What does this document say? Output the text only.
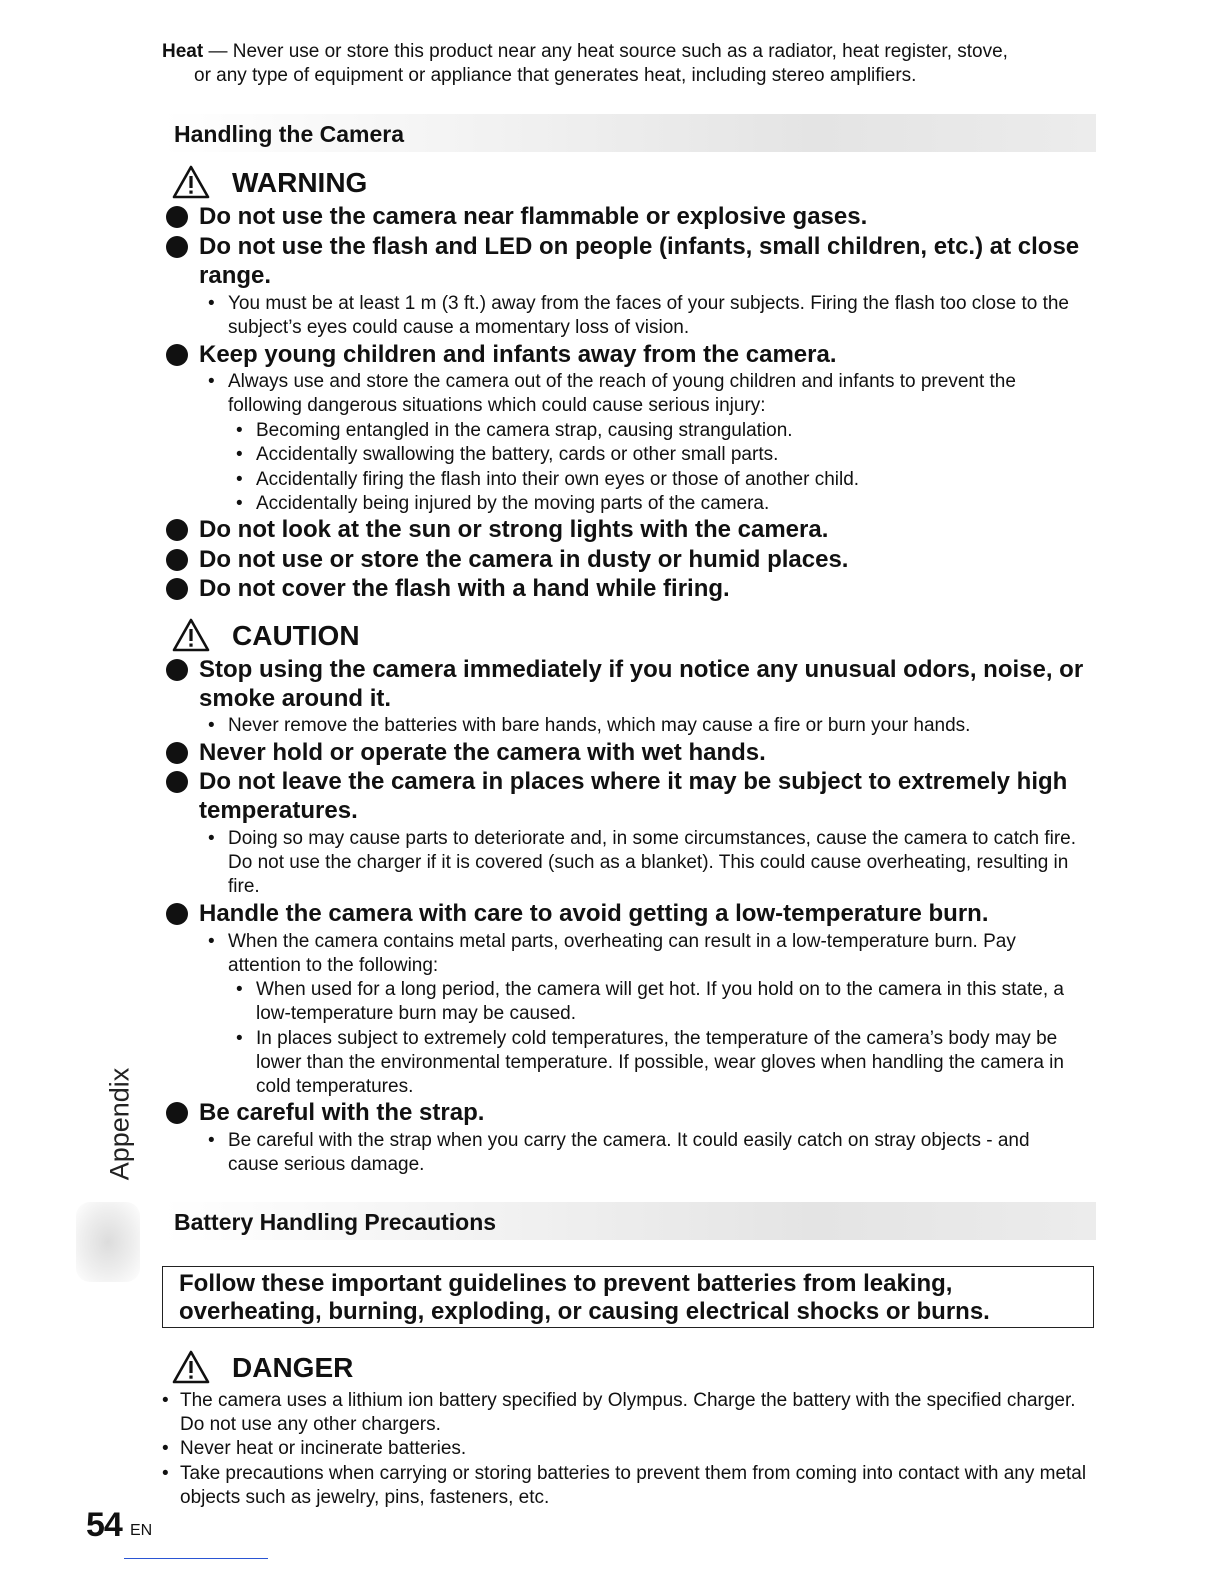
Heat — Never use or store this product near any heat source such as a radiator, heat register, stove,
or any type of equipment or appliance that generates heat, including stereo amplifiers.
Handling the Camera
WARNING
Do not use the camera near flammable or explosive gases.
Do not use the flash and LED on people (infants, small children, etc.) at close range.
• You must be at least 1 m (3 ft.) away from the faces of your subjects. Firing the flash too close to the subject’s eyes could cause a momentary loss of vision.
Keep young children and infants away from the camera.
• Always use and store the camera out of the reach of young children and infants to prevent the following dangerous situations which could cause serious injury:
• Becoming entangled in the camera strap, causing strangulation.
• Accidentally swallowing the battery, cards or other small parts.
• Accidentally firing the flash into their own eyes or those of another child.
• Accidentally being injured by the moving parts of the camera.
Do not look at the sun or strong lights with the camera.
Do not use or store the camera in dusty or humid places.
Do not cover the flash with a hand while firing.
CAUTION
Stop using the camera immediately if you notice any unusual odors, noise, or smoke around it.
• Never remove the batteries with bare hands, which may cause a fire or burn your hands.
Never hold or operate the camera with wet hands.
Do not leave the camera in places where it may be subject to extremely high temperatures.
• Doing so may cause parts to deteriorate and, in some circumstances, cause the camera to catch fire. Do not use the charger if it is covered (such as a blanket). This could cause overheating, resulting in fire.
Handle the camera with care to avoid getting a low-temperature burn.
• When the camera contains metal parts, overheating can result in a low-temperature burn. Pay attention to the following:
• When used for a long period, the camera will get hot. If you hold on to the camera in this state, a low-temperature burn may be caused.
• In places subject to extremely cold temperatures, the temperature of the camera’s body may be lower than the environmental temperature. If possible, wear gloves when handling the camera in cold temperatures.
Be careful with the strap.
• Be careful with the strap when you carry the camera. It could easily catch on stray objects - and cause serious damage.
Battery Handling Precautions
Follow these important guidelines to prevent batteries from leaking, overheating, burning, exploding, or causing electrical shocks or burns.
DANGER
• The camera uses a lithium ion battery specified by Olympus. Charge the battery with the specified charger. Do not use any other chargers.
• Never heat or incinerate batteries.
• Take precautions when carrying or storing batteries to prevent them from coming into contact with any metal objects such as jewelry, pins, fasteners, etc.
Appendix
54 EN
